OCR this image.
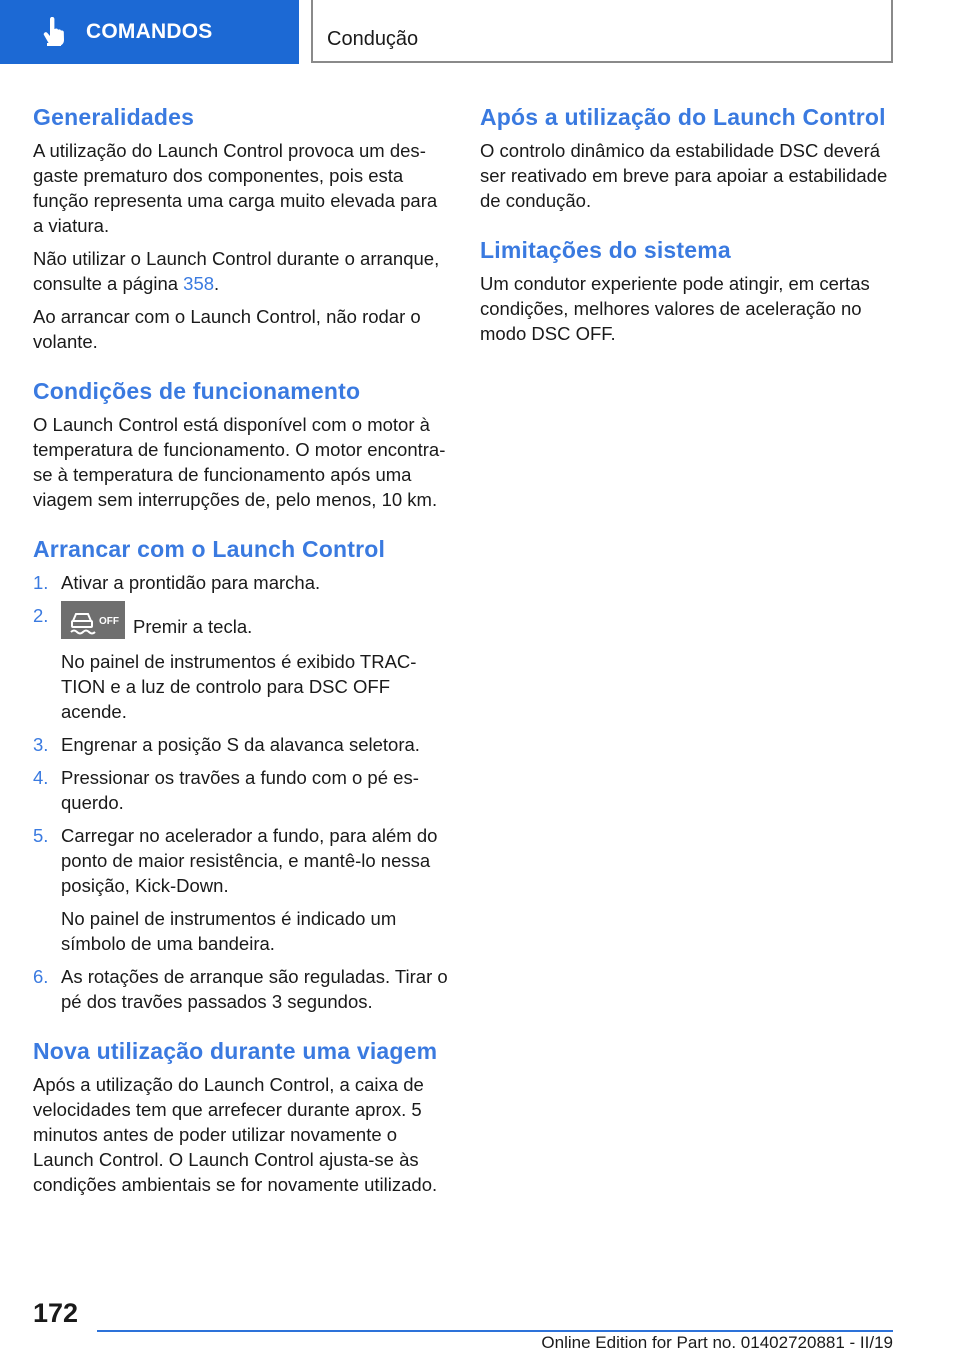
COMANDOS	Condução
Generalidades

A utilização do Launch Control provoca um desgaste prematuro dos componentes, pois esta função representa uma carga muito elevada para a viatura.

Não utilizar o Launch Control durante o arranque, consulte a página 358.

Ao arrancar com o Launch Control, não rodar o volante.

Condições de funcionamento

O Launch Control está disponível com o motor à temperatura de funcionamento. O motor encontra-se à temperatura de funcionamento após uma viagem sem interrupções de, pelo menos, 10 km.

Arrancar com o Launch Control
1. Ativar a prontidão para marcha.
2.	OFF Premir a tecla.
No painel de instrumentos é exibido TRACTION e a luz de controlo para DSC OFF acende.
3. Engrenar a posição S da alavanca seletora.
4. Pressionar os travões a fundo com o pé esquerdo.
5. Carregar no acelerador a fundo, para além do ponto de maior resistência, e mantê-lo nessa posição, Kick-Down.
No painel de instrumentos é indicado um símbolo de uma bandeira.
6. As rotações de arranque são reguladas. Tirar o pé dos travões passados 3 segundos.
Nova utilização durante uma viagem

Após a utilização do Launch Control, a caixa de velocidades tem que arrefecer durante aprox. 5 minutos antes de poder utilizar novamente o Launch Control. O Launch Control ajusta-se às condições ambientais se for novamente utilizado.

Após a utilização do Launch Control

O controlo dinâmico da estabilidade DSC deverá ser reativado em breve para apoiar a estabilidade de condução.

Limitações do sistema

Um condutor experiente pode atingir, em certas condições, melhores valores de aceleração no modo DSC OFF.

172
Online Edition for Part no. 01402720881 - II/19
